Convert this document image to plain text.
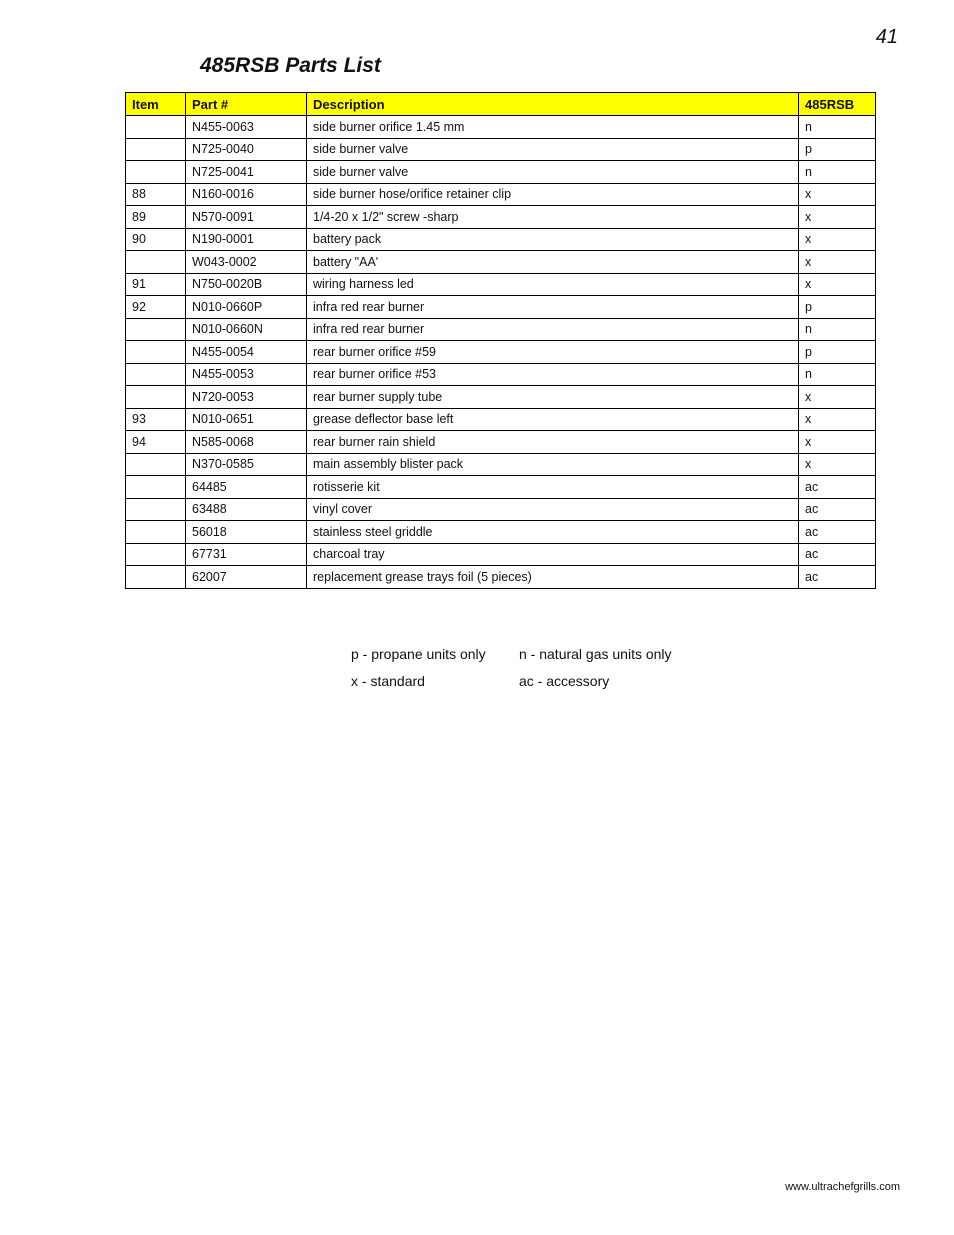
41
485RSB Parts List
Item	Part #	Description	485RSB
	N455-0063	side burner orifice 1.45 mm	n
	N725-0040	side burner valve	p
	N725-0041	side burner valve	n
88	N160-0016	side burner hose/orifice retainer clip	x
89	N570-0091	1/4-20 x 1/2" screw -sharp	x
90	N190-0001	battery pack	x
	W043-0002	battery "AA'	x
91	N750-0020B	wiring harness led	x
92	N010-0660P	infra red rear burner	p
	N010-0660N	infra red rear burner	n
	N455-0054	rear burner orifice #59	p
	N455-0053	rear burner orifice #53	n
	N720-0053	rear burner supply tube	x
93	N010-0651	grease deflector base left	x
94	N585-0068	rear burner rain shield	x
	N370-0585	main assembly blister pack	x
	64485	rotisserie kit	ac
	63488	vinyl cover	ac
	56018	stainless steel griddle	ac
	67731	charcoal tray	ac
	62007	replacement grease trays foil (5 pieces)	ac
p - propane units only	n - natural gas units only
x - standard	ac - accessory
www.ultrachefgrills.com
